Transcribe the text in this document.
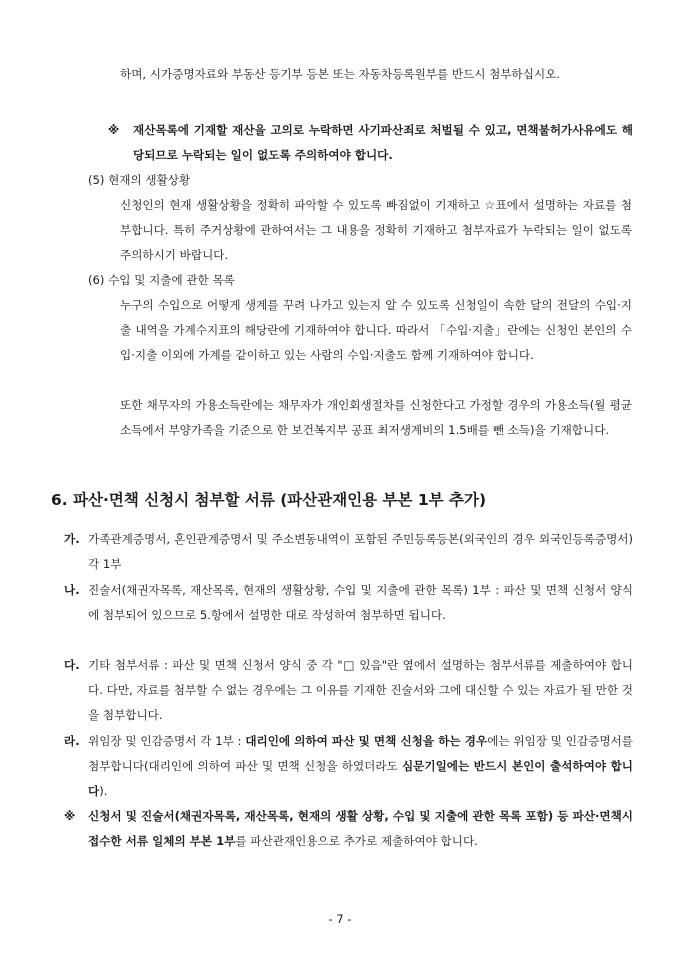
하며, 시가증명자료와 부동산 등기부 등본 또는 자동차등록원부를 반드시 첨부하십시오.

※ 재산목록에 기재할 재산을 고의로 누락하면 사기파산죄로 처벌될 수 있고, 면책불허가사유에도 해당되므로 누락되는 일이 없도록 주의하여야 합니다.

(5) 현재의 생활상황

신청인의 현재 생활상황을 정확히 파악할 수 있도록 빠짐없이 기재하고 ☆표에서 설명하는 자료를 첨부합니다. 특히 주거상황에 관하여서는 그 내용을 정확히 기재하고 첨부자료가 누락되는 일이 없도록 주의하시기 바랍니다.

(6) 수입 및 지출에 관한 목록

누구의 수입으로 어떻게 생계를 꾸려 나가고 있는지 알 수 있도록 신청일이 속한 달의 전달의 수입·지출 내역을 가계수지표의 해당란에 기재하여야 합니다. 따라서 「수입·지출」란에는 신청인 본인의 수입·지출 이외에 가계를 같이하고 있는 사람의 수입·지출도 함께 기재하여야 합니다.

또한 채무자의 가용소득란에는 채무자가 개인회생절차를 신청한다고 가정할 경우의 가용소득(월 평균 소득에서 부양가족을 기준으로 한 보건복지부 공표 최저생계비의 1.5배를 뺀 소득)을 기재합니다.

6. 파산·면책 신청시 첨부할 서류 (파산관재인용 부본 1부 추가)
가. 가족관계증명서, 혼인관계증명서 및 주소변동내역이 포함된 주민등록등본(외국인의 경우 외국인등록증명서) 각 1부

나. 진술서(채권자목록, 재산목록, 현재의 생활상황, 수입 및 지출에 관한 목록) 1부 : 파산 및 면책 신청서 양식에 첨부되어 있으므로 5.항에서 설명한 대로 작성하여 첨부하면 됩니다.

다. 기타 첨부서류 : 파산 및 면책 신청서 양식 중 각 "□ 있음"란 옆에서 설명하는 첨부서류를 제출하여야 합니다. 다만, 자료를 첨부할 수 없는 경우에는 그 이유를 기재한 진술서와 그에 대신할 수 있는 자료가 될 만한 것을 첨부합니다.

라. 위임장 및 인감증명서 각 1부 : 대리인에 의하여 파산 및 면책 신청을 하는 경우에는 위임장 및 인감증명서를 첨부합니다(대리인에 의하여 파산 및 면책 신청을 하였더라도 심문기일에는 반드시 본인이 출석하여야 합니다).

※ 신청서 및 진술서(채권자목록, 재산목록, 현재의 생활 상황, 수입 및 지출에 관한 목록 포함) 등 파산·면책시 접수한 서류 일체의 부본 1부를 파산관재인용으로 추가로 제출하여야 합니다.

- 7 -
